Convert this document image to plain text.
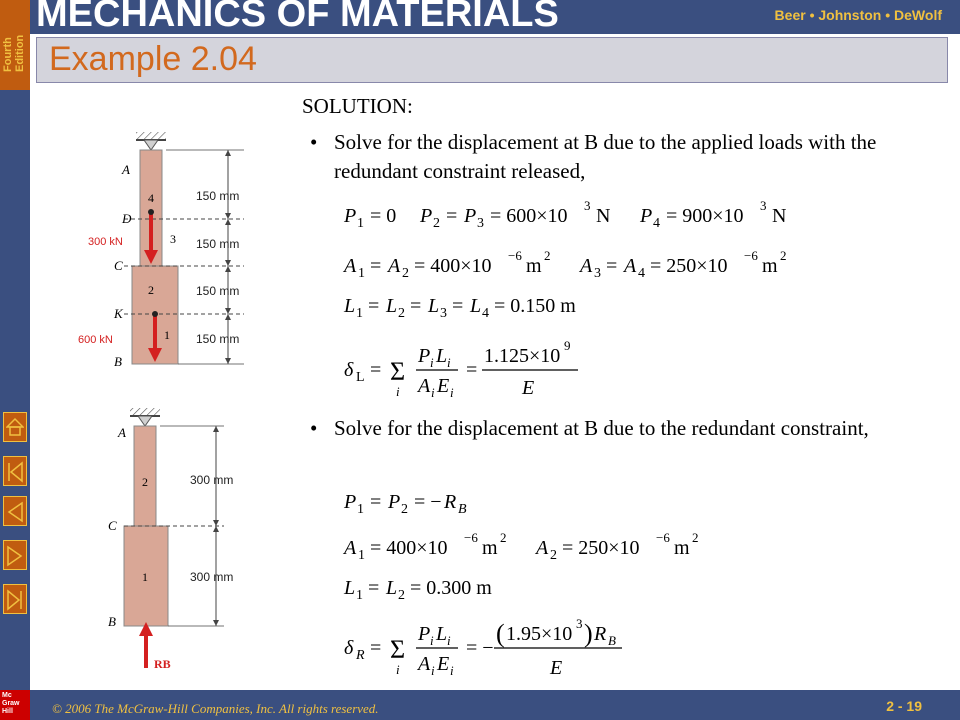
Fourth Edition
MECHANICS OF MATERIALS	Beer • Johnston • DeWolf
Example 2.04
Mc Graw Hill	© 2006 The McGraw-Hill Companies, Inc. All rights reserved.	2 - 19
SOLUTION:
• Solve for the displacement at B due to the applied loads with the redundant constraint released,
• Solve for the displacement at B due to the redundant constraint,
P 1 = 0 P 2 = P 3 = 600×10 3 N P 4 = 900×10 3 N
A 1 = A 2 = 400×10 −6 m 2 A 3 = A 4 = 250×10 −6 m 2
L 1 = L 2 = L 3 = L 4 = 0.150 m
δ L = Σ
i
P i L i
A i E i
=
1.125×10 9
E
P 1 = P 2 = − R B
A 1 = 400×10 −6 m 2 A 2 = 250×10 −6 m 2
L 1 = L 2 = 0.300 m
δ R = Σ
i
P i L i
A i E i
= − ( 1.95×10 3 ) R B
E
A
D
C
K
B
4
3
2
1
300 kN
600 kN
150 mm
150 mm
150 mm
150 mm
A
C
B
2
1
300 mm
300 mm
RB
